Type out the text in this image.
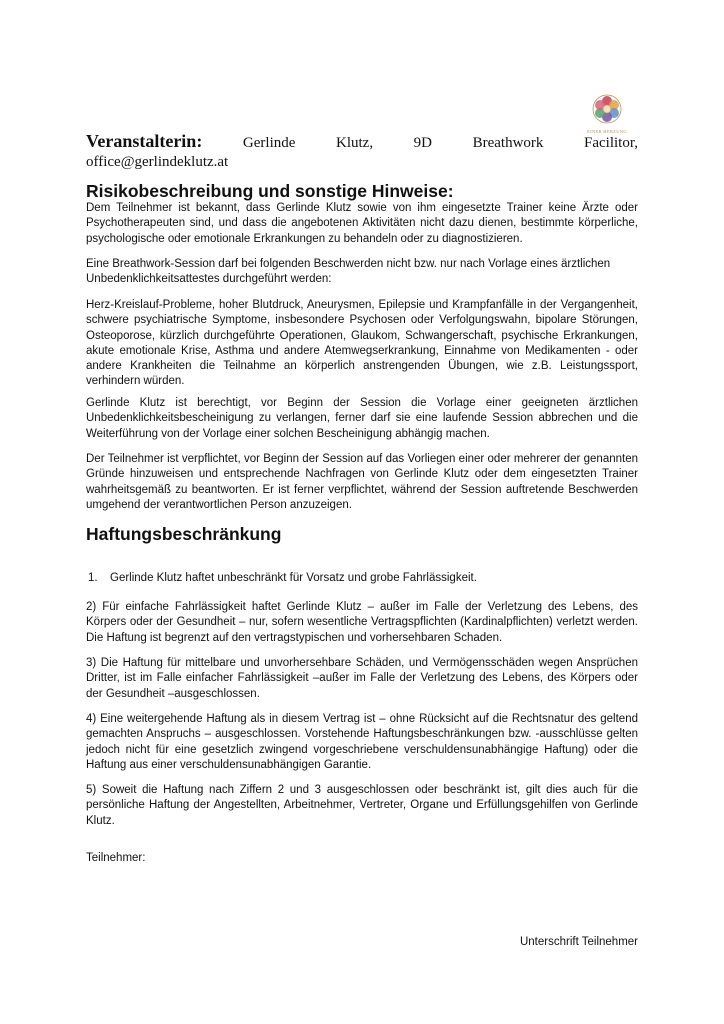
EINER HERZUNG
Veranstalterin:	Gerlinde	Klutz,	9D	Breathwork	Facilitor,
office@gerlindeklutz.at
Risikobeschreibung und sonstige Hinweise:
Dem Teilnehmer ist bekannt, dass Gerlinde Klutz sowie von ihm eingesetzte Trainer keine Ärzte oder Psychotherapeuten sind, und dass die angebotenen Aktivitäten nicht dazu dienen, bestimmte körperliche, psychologische oder emotionale Erkrankungen zu behandeln oder zu diagnostizieren.
Eine Breathwork-Session darf bei folgenden Beschwerden nicht bzw. nur nach Vorlage eines ärztlichen Unbedenklichkeitsattestes durchgeführt werden:
Herz-Kreislauf-Probleme, hoher Blutdruck, Aneurysmen, Epilepsie und Krampfanfälle in der Vergangenheit, schwere psychiatrische Symptome, insbesondere Psychosen oder Verfolgungswahn, bipolare Störungen, Osteoporose, kürzlich durchgeführte Operationen, Glaukom, Schwangerschaft, psychische Erkrankungen, akute emotionale Krise, Asthma und andere Atemwegserkrankung, Einnahme von Medikamenten - oder andere Krankheiten die Teilnahme an körperlich anstrengenden Übungen, wie z.B. Leistungssport, verhindern würden.
Gerlinde Klutz ist berechtigt, vor Beginn der Session die Vorlage einer geeigneten ärztlichen Unbedenklichkeitsbescheinigung zu verlangen, ferner darf sie eine laufende Session abbrechen und die Weiterführung von der Vorlage einer solchen Bescheinigung abhängig machen.
Der Teilnehmer ist verpflichtet, vor Beginn der Session auf das Vorliegen einer oder mehrerer der genannten Gründe hinzuweisen und entsprechende Nachfragen von Gerlinde Klutz oder dem eingesetzten Trainer wahrheitsgemäß zu beantworten. Er ist ferner verpflichtet, während der Session auftretende Beschwerden umgehend der verantwortlichen Person anzuzeigen.
Haftungsbeschränkung
1. Gerlinde Klutz haftet unbeschränkt für Vorsatz und grobe Fahrlässigkeit.
2) Für einfache Fahrlässigkeit haftet Gerlinde Klutz – außer im Falle der Verletzung des Lebens, des Körpers oder der Gesundheit – nur, sofern wesentliche Vertragspflichten (Kardinalpflichten) verletzt werden. Die Haftung ist begrenzt auf den vertragstypischen und vorhersehbaren Schaden.
3) Die Haftung für mittelbare und unvorhersehbare Schäden, und Vermögensschäden wegen Ansprüchen Dritter, ist im Falle einfacher Fahrlässigkeit –außer im Falle der Verletzung des Lebens, des Körpers oder der Gesundheit –ausgeschlossen.
4) Eine weitergehende Haftung als in diesem Vertrag ist – ohne Rücksicht auf die Rechtsnatur des geltend gemachten Anspruchs – ausgeschlossen. Vorstehende Haftungsbeschränkungen bzw. -ausschlüsse gelten jedoch nicht für eine gesetzlich zwingend vorgeschriebene verschuldensunabhängige Haftung) oder die Haftung aus einer verschuldensunabhängigen Garantie.
5) Soweit die Haftung nach Ziffern 2 und 3 ausgeschlossen oder beschränkt ist, gilt dies auch für die persönliche Haftung der Angestellten, Arbeitnehmer, Vertreter, Organe und Erfüllungsgehilfen von Gerlinde Klutz.
Teilnehmer:
Unterschrift Teilnehmer
